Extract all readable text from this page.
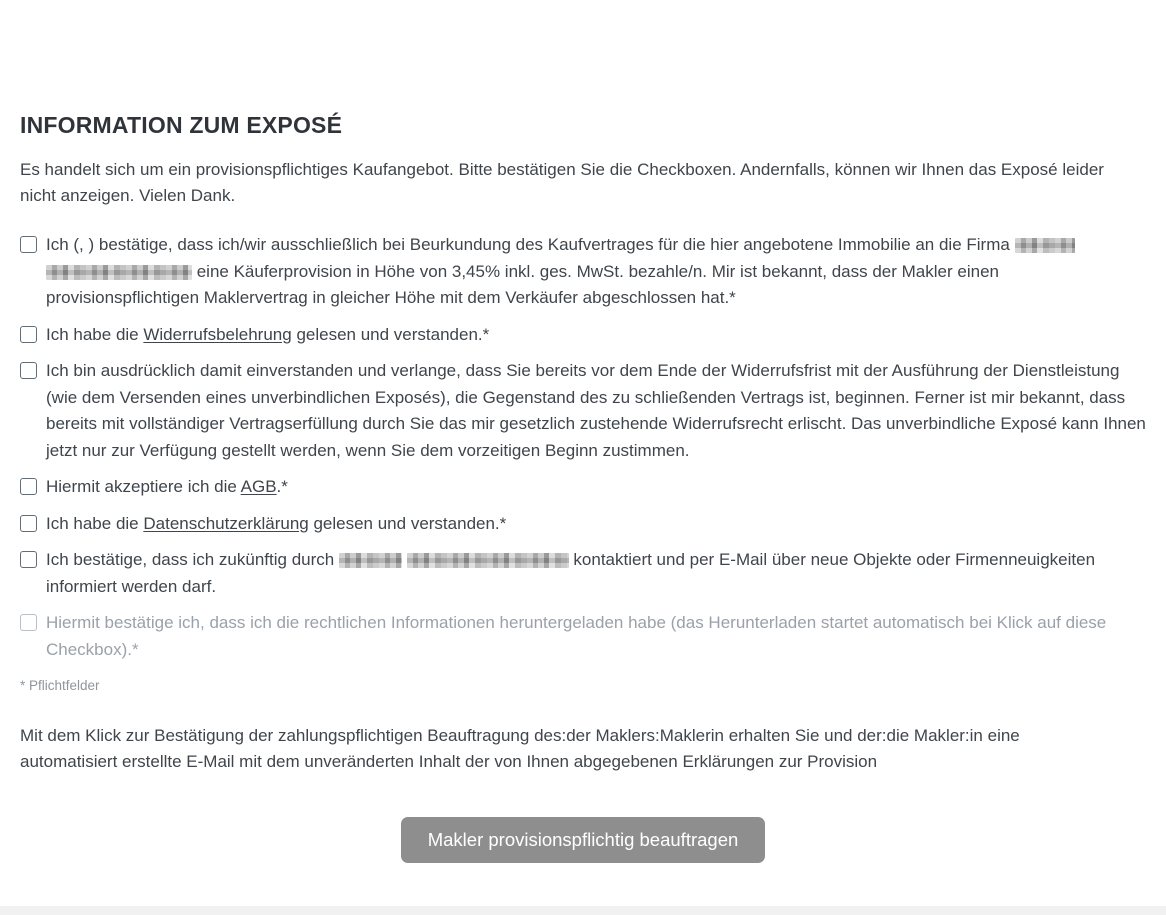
INFORMATION ZUM EXPOSÉ

Es handelt sich um ein provisionspflichtiges Kaufangebot. Bitte bestätigen Sie die Checkboxen. Andernfalls, können wir Ihnen das Exposé leider nicht anzeigen. Vielen Dank.

Ich (, ) bestätige, dass ich/wir ausschließlich bei Beurkundung des Kaufvertrages für die hier angebotene Immobilie an die Firma   eine Käuferprovision in Höhe von 3,45% inkl. ges. MwSt. bezahle/n. Mir ist bekannt, dass der Makler einen provisionspflichtigen Maklervertrag in gleicher Höhe mit dem Verkäufer abgeschlossen hat.*
Ich habe die Widerrufsbelehrung gelesen und verstanden.*
Ich bin ausdrücklich damit einverstanden und verlange, dass Sie bereits vor dem Ende der Widerrufsfrist mit der Ausführung der Dienstleistung (wie dem Versenden eines unverbindlichen Exposés), die Gegenstand des zu schließenden Vertrags ist, beginnen. Ferner ist mir bekannt, dass bereits mit vollständiger Vertragserfüllung durch Sie das mir gesetzlich zustehende Widerrufsrecht erlischt. Das unverbindliche Exposé kann Ihnen jetzt nur zur Verfügung gestellt werden, wenn Sie dem vorzeitigen Beginn zustimmen.
Hiermit akzeptiere ich die AGB.*
Ich habe die Datenschutzerklärung gelesen und verstanden.*
Ich bestätige, dass ich zukünftig durch	kontaktiert und per E-Mail über neue Objekte oder Firmenneuigkeiten informiert werden darf.
Hiermit bestätige ich, dass ich die rechtlichen Informationen heruntergeladen habe (das Herunterladen startet automatisch bei Klick auf diese Checkbox).*
* Pflichtfelder

Mit dem Klick zur Bestätigung der zahlungspflichtigen Beauftragung des:der Maklers:Maklerin erhalten Sie und der:die Makler:in eine automatisiert erstellte E-Mail mit dem unveränderten Inhalt der von Ihnen abgegebenen Erklärungen zur Provision

Makler provisionspflichtig beauftragen
